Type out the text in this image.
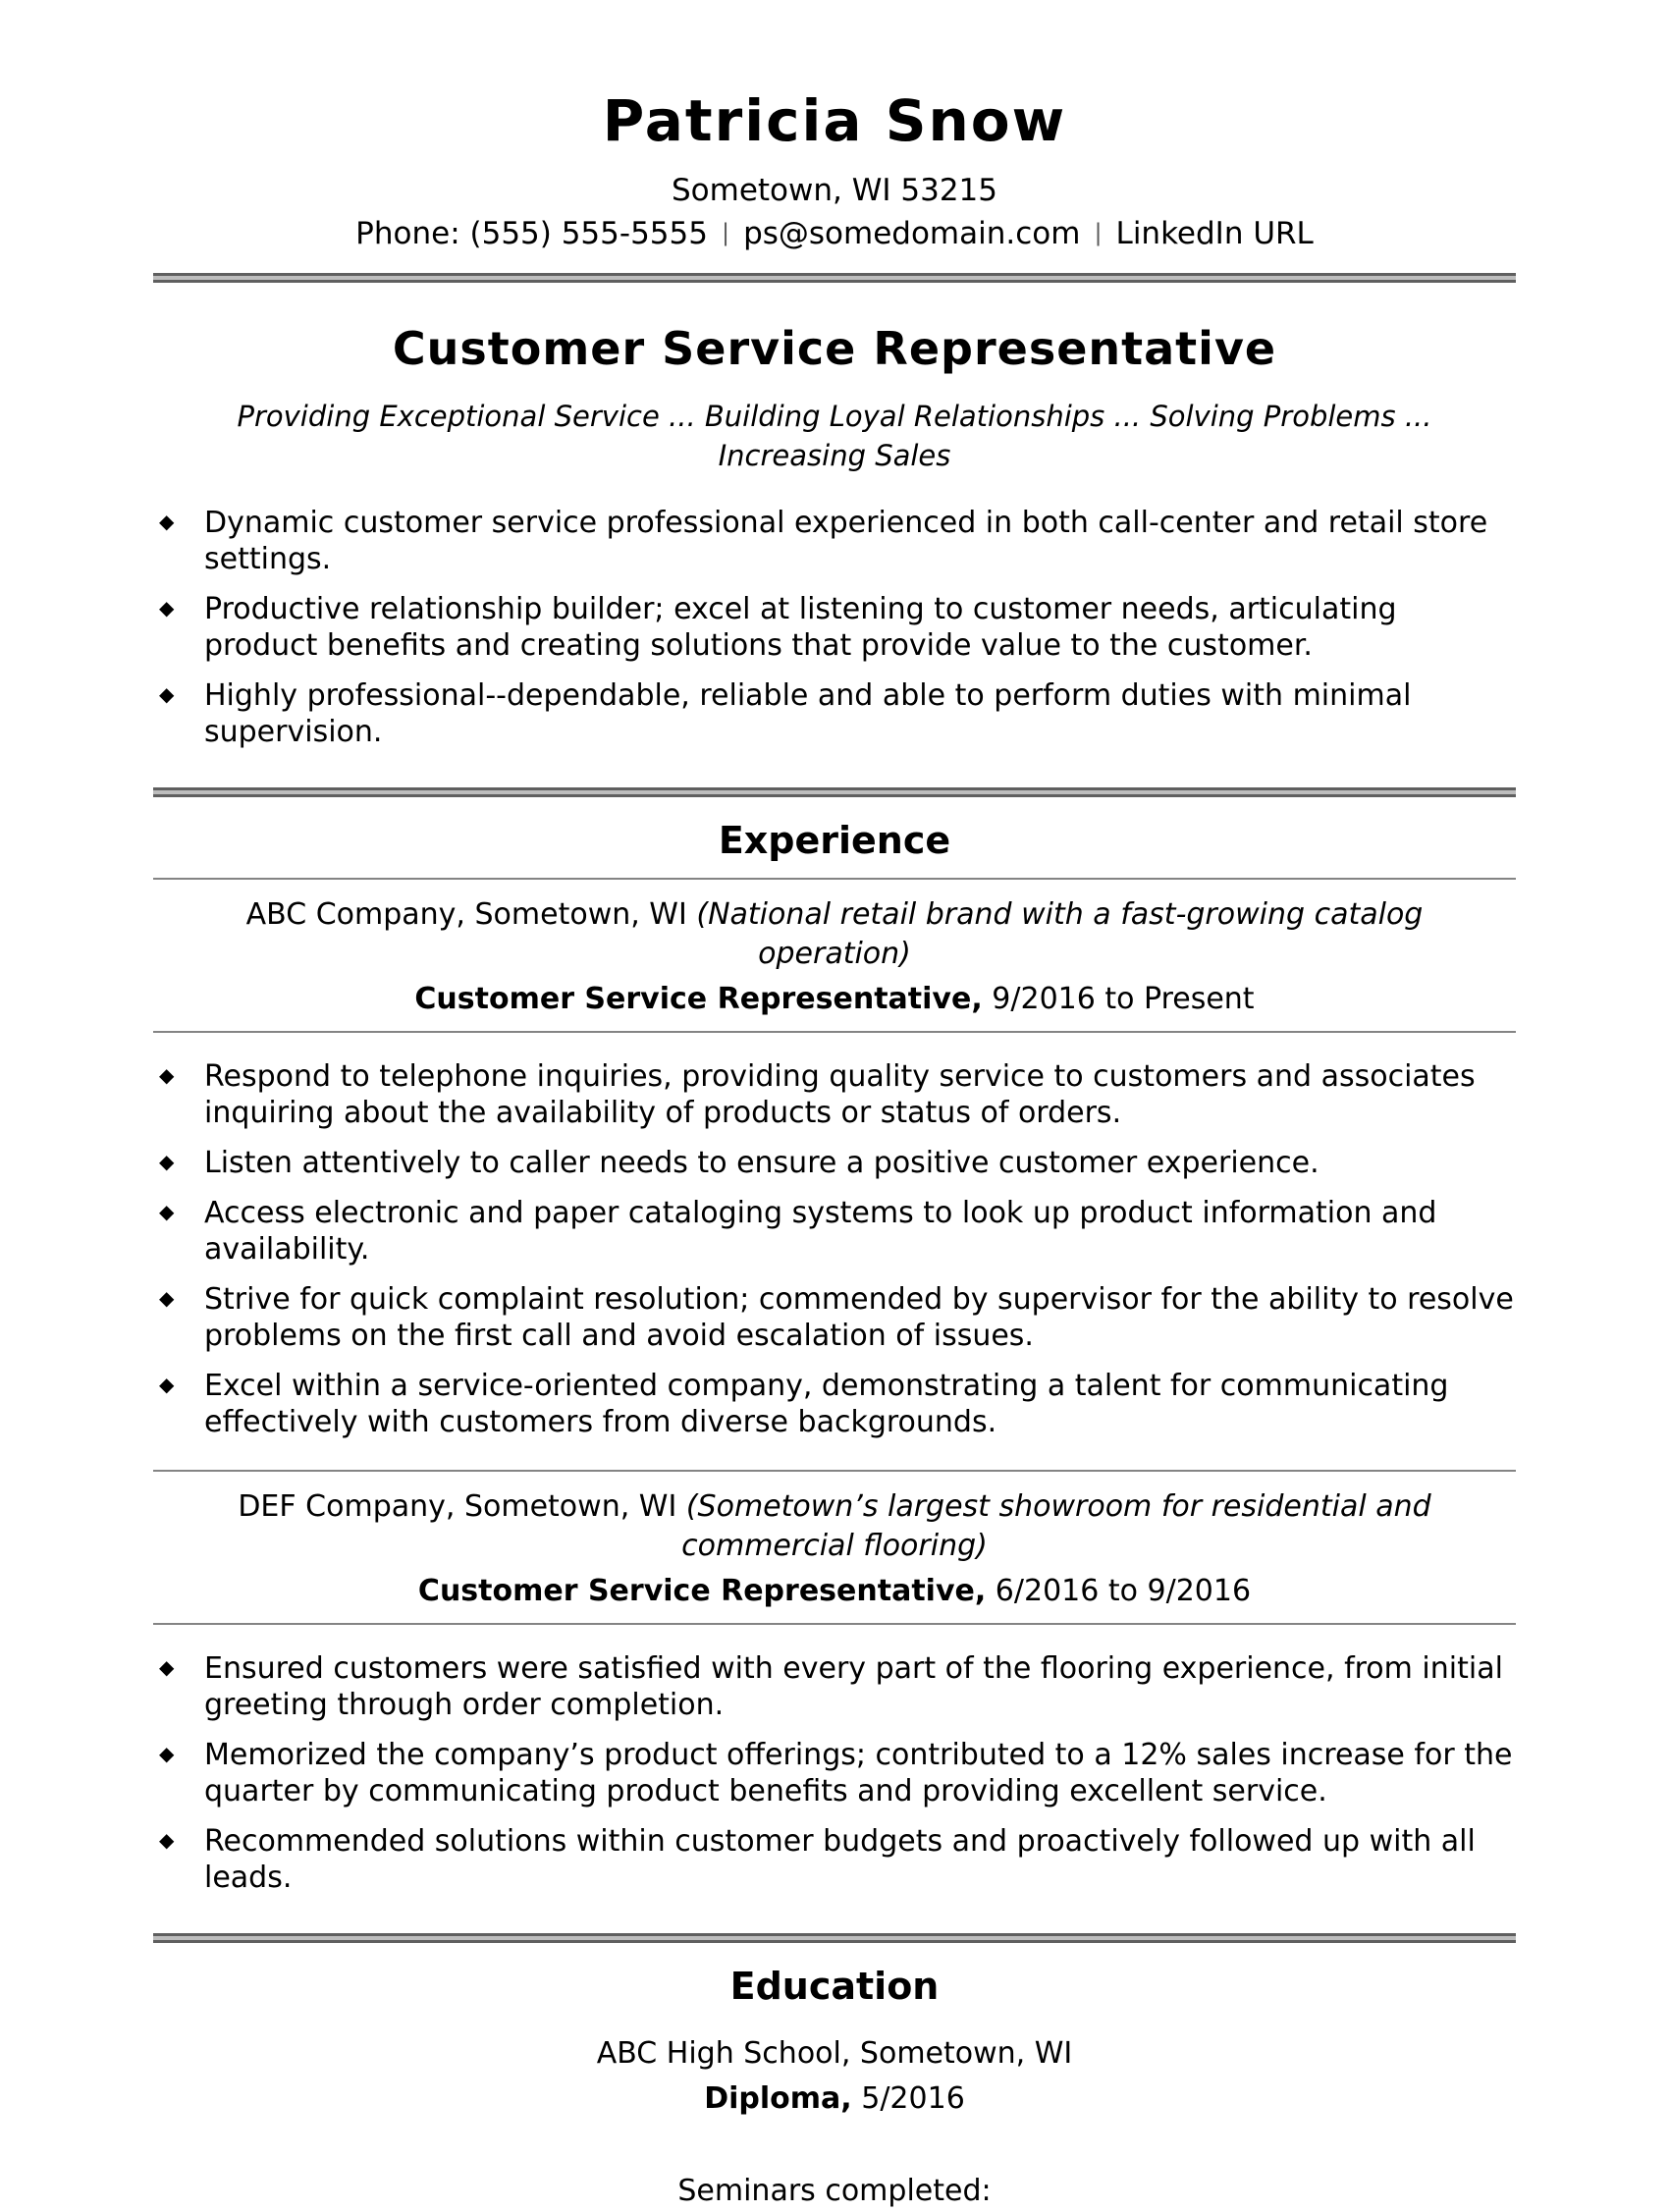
Patricia Snow
Sometown, WI 53215
Phone: (555) 555-5555 | ps@somedomain.com | LinkedIn URL
Customer Service Representative

Providing Exceptional Service ... Building Loyal Relationships ... Solving Problems ...
Increasing Sales

◆ Dynamic customer service professional experienced in both call-center and retail store settings.
◆ Productive relationship builder; excel at listening to customer needs, articulating product benefits and creating solutions that provide value to the customer.
◆ Highly professional--dependable, reliable and able to perform duties with minimal supervision.
Experience
ABC Company, Sometown, WI (National retail brand with a fast-growing catalog operation)
Customer Service Representative, 9/2016 to Present
◆ Respond to telephone inquiries, providing quality service to customers and associates inquiring about the availability of products or status of orders.
◆ Listen attentively to caller needs to ensure a positive customer experience.
◆ Access electronic and paper cataloging systems to look up product information and availability.
◆ Strive for quick complaint resolution; commended by supervisor for the ability to resolve problems on the first call and avoid escalation of issues.
◆ Excel within a service-oriented company, demonstrating a talent for communicating effectively with customers from diverse backgrounds.
DEF Company, Sometown, WI (Sometown’s largest showroom for residential and commercial flooring)
Customer Service Representative, 6/2016 to 9/2016
◆ Ensured customers were satisfied with every part of the flooring experience, from initial greeting through order completion.
◆ Memorized the company’s product offerings; contributed to a 12% sales increase for the quarter by communicating product benefits and providing excellent service.
◆ Recommended solutions within customer budgets and proactively followed up with all leads.
Education
ABC High School, Sometown, WI
Diploma, 5/2016
Seminars completed:
